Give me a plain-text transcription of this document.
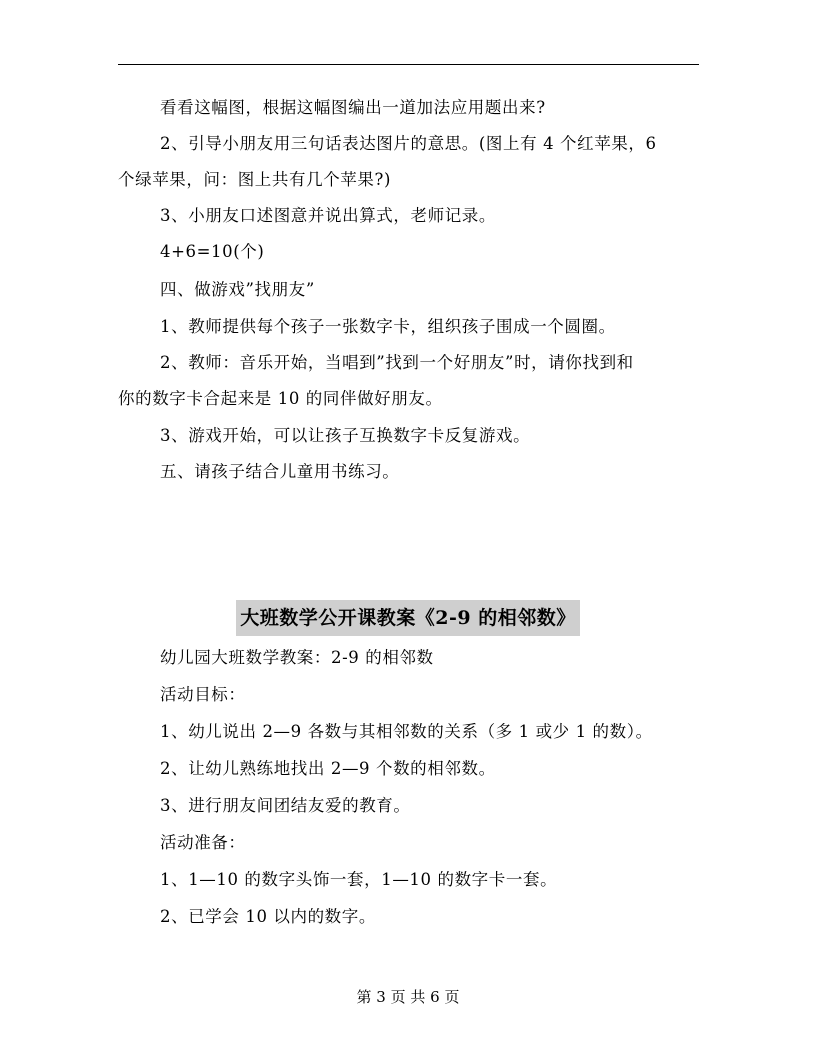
看看这幅图，根据这幅图编出一道加法应用题出来?
2、引导小朋友用三句话表达图片的意思。(图上有 4 个红苹果，6
个绿苹果，问：图上共有几个苹果?)
3、小朋友口述图意并说出算式，老师记录。
4+6=10(个)
四、做游戏”找朋友”
1、教师提供每个孩子一张数字卡，组织孩子围成一个圆圈。
2、教师：音乐开始，当唱到”找到一个好朋友”时，请你找到和
你的数字卡合起来是 10 的同伴做好朋友。
3、游戏开始，可以让孩子互换数字卡反复游戏。
五、请孩子结合儿童用书练习。
大班数学公开课教案《2-9 的相邻数》
幼儿园大班数学教案：2-9 的相邻数
活动目标：
1、幼儿说出 2—9 各数与其相邻数的关系（多 1 或少 1 的数）。
2、让幼儿熟练地找出 2—9 个数的相邻数。
3、进行朋友间团结友爱的教育。
活动准备：
1、1—10 的数字头饰一套，1—10 的数字卡一套。
2、已学会 10 以内的数字。
第 3 页 共 6 页
